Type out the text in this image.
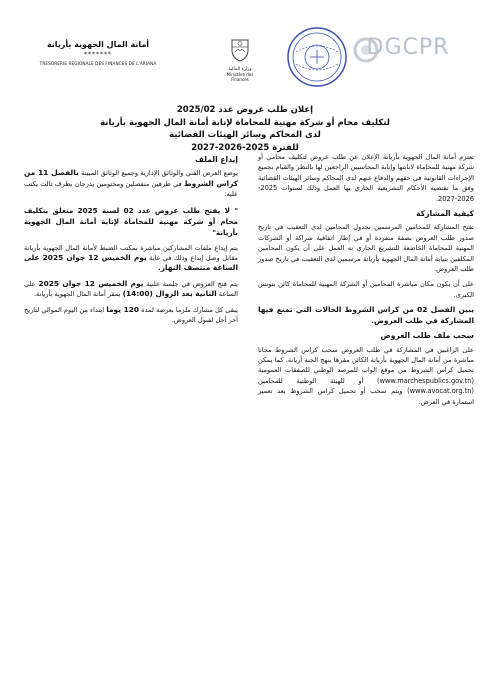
أمانة المال الجهوية بأريانة
*******
TRESORERIE REGIONALE DES FINANCES DE L'ARIANA
وزارة المالية
Ministère des Finances
DGCPR
إعلان طلب عروض عدد 2025/02
لتكليف محام أو شركة مهنية للمحاماة لإنابة أمانة المال الجهوية بأريانة
لدى المحاكم وسائر الهيئات القضائية
للفترة 2025-2026-2027

تعتزم أمانة المال الجهوية بأريانة الإعلان عن طلب عروض لتكليف محامي أو شركة مهنية للمحاماة لانابتها وإنابة المحاسبين الراجعين لها بالنظر والقيام بجميع الإجراءات القانونية في حقهم والدفاع عنهم لدى المحاكم وسائر الهيئات القضائية وفق ما تقتضيه الأحكام التشريعية الجاري بها العمل وذلك لسنوات 2025-2026-2027.

كيفية المشاركة

تفتح المشاركة للمحامين المرسمين بجدول المحامين لدى التعقيب في تاريخ صدور طلب العروض بصفة منفردة أو في إطار اتفاقية شراكة أو الشركات المهنية للمحاماة الخاضعة للتشريع الجاري به العمل على أن يكون المحامين المكلفين بنيابة أمانة المال الجهوية بأريانة مرسمين لدى التعقيب في تاريخ صدور طلب العروض.

على أن يكون مكان مباشرة المحامين أو الشركة المهنية للمحاماة كائن بتونس الكبرى.

يبين الفصل 02 من كراس الشروط الحالات التي تمنع فيها المشاركة في طلب العروض.

سحب ملف طلب العروض

على الراغبين في المشاركة في طلب العروض سحب كراس الشروط مجانا مباشرة من أمانة المال الجهوية بأريانة الكائن مقرها بنهج الجنة أريانة. كما يمكن تحميل كراس الشروط من موقع الواب للمرصد الوطني للصفقات العمومية (www.marchespublics.gov.tn) أو للهيئة الوطنية للمحامين (www.avocat.org.tn) ويتم سحب أو تحميل كراس الشروط بعد تعمير استمارة في العرض.

إيداع الملف

يوضع العرض الفني والوثائق الإدارية وجميع الوثائق المبينة بالفصل 11 من كراس الشروط في ظرفين منفصلين ومختومين يدرجان بظرف ثالث يكتب عليه:

" لا يفتح طلب عروض عدد 02 لسنة 2025 متعلق بتكليف محام أو شركة مهنية للمحاماة لإنابة أمانة المال الجهوية بأريانة"

يتم إيداع ملفات المشاركين مباشرة بمكتب الضبط لأمانة المال الجهوية بأريانة مقابل وصل إيداع وذلك في غاية يوم الخميس 12 جوان 2025 على الساعة منتصف النهار.

يتم فتح العروض في جلسة علنية يوم الخميس 12 جوان 2025 على الساعة الثانية بعد الزوال (14:00) بمقر أمانة المال الجهوية بأريانة.

يبقى كل مشارك ملزما بعرضه لمدة 120 يوما ابتداء من اليوم الموالي لتاريخ آخر أجل لقبول العروض.
